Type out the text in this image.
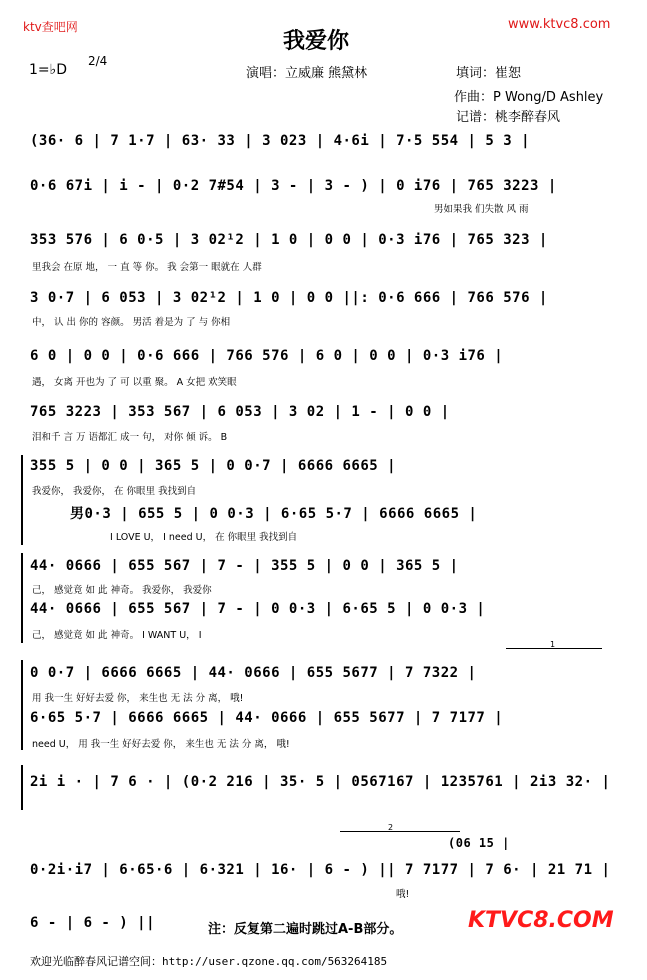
ktv查吧网	www.ktvc8.com
我爱你
1=♭D
2/4
演唱：立威廉 熊黛林	填词：崔恕
作曲：P Wong/D Ashley
记谱：桃李醉春风
(36· 6 | 7 1·7 | 63· 33 | 3 023 | 4·6i | 7·5 554 | 5 3 |
0·6 67i | i - | 0·2 7#54 | 3 - | 3 - ) | 0 i76 | 765 3223 |
男如果我 们失散 风 雨
353 576 | 6 0·5 | 3 02¹2 | 1 0 | 0 0 | 0·3 i76 | 765 323 |
里我会 在原 地， 一 直 等 你。 我 会第一 眼就在 人群
3 0·7 | 6 053 | 3 02¹2 | 1 0 | 0 0 ||: 0·6 666 | 766 576 |
中， 认 出 你的 容颜。 男活 着是为 了 与 你相
6 0 | 0 0 | 0·6 666 | 766 576 | 6 0 | 0 0 | 0·3 i76 |
遇， 女离 开也为 了 可 以重 聚。 A 女把 欢笑眼
765 3223 | 353 567 | 6 053 | 3 02 | 1 - | 0 0 |
泪和千 言 万 语都汇 成一 句， 对你 倾 诉。 B
355 5 | 0 0 | 365 5 | 0 0·7 | 6666 6665 |
我爱你， 我爱你， 在 你眼里 我找到自
男0·3 | 655 5 | 0 0·3 | 6·65 5·7 | 6666 6665 |
I LOVE U， I need U， 在 你眼里 我找到自
44· 0666 | 655 567 | 7 - | 355 5 | 0 0 | 365 5 |
己， 感觉竟 如 此 神奇。 我爱你， 我爱你
44· 0666 | 655 567 | 7 - | 0 0·3 | 6·65 5 | 0 0·3 |
己， 感觉竟 如 此 神奇。 I WANT U， I
1
0 0·7 | 6666 6665 | 44· 0666 | 655 5677 | 7 7322 |
用 我一生 好好去爱 你， 来生也 无 法 分 离， 哦!
6·65 5·7 | 6666 6665 | 44· 0666 | 655 5677 | 7 7177 |
need U， 用 我一生 好好去爱 你， 来生也 无 法 分 离， 哦!
2i i · | 7 6 · | (0·2 216 | 35· 5 | 0567167 | 1235761 | 2i3 32· |
2
(06 15 |
0·2i·i7 | 6·65·6 | 6·321 | 16· | 6 - ) || 7 7177 | 7 6· | 21 71 |
哦!
6 - | 6 - ) ||	注：反复第二遍时跳过A-B部分。	KTVC8.COM
欢迎光临醉春风记谱空间：http://user.qzone.qq.com/563264185
